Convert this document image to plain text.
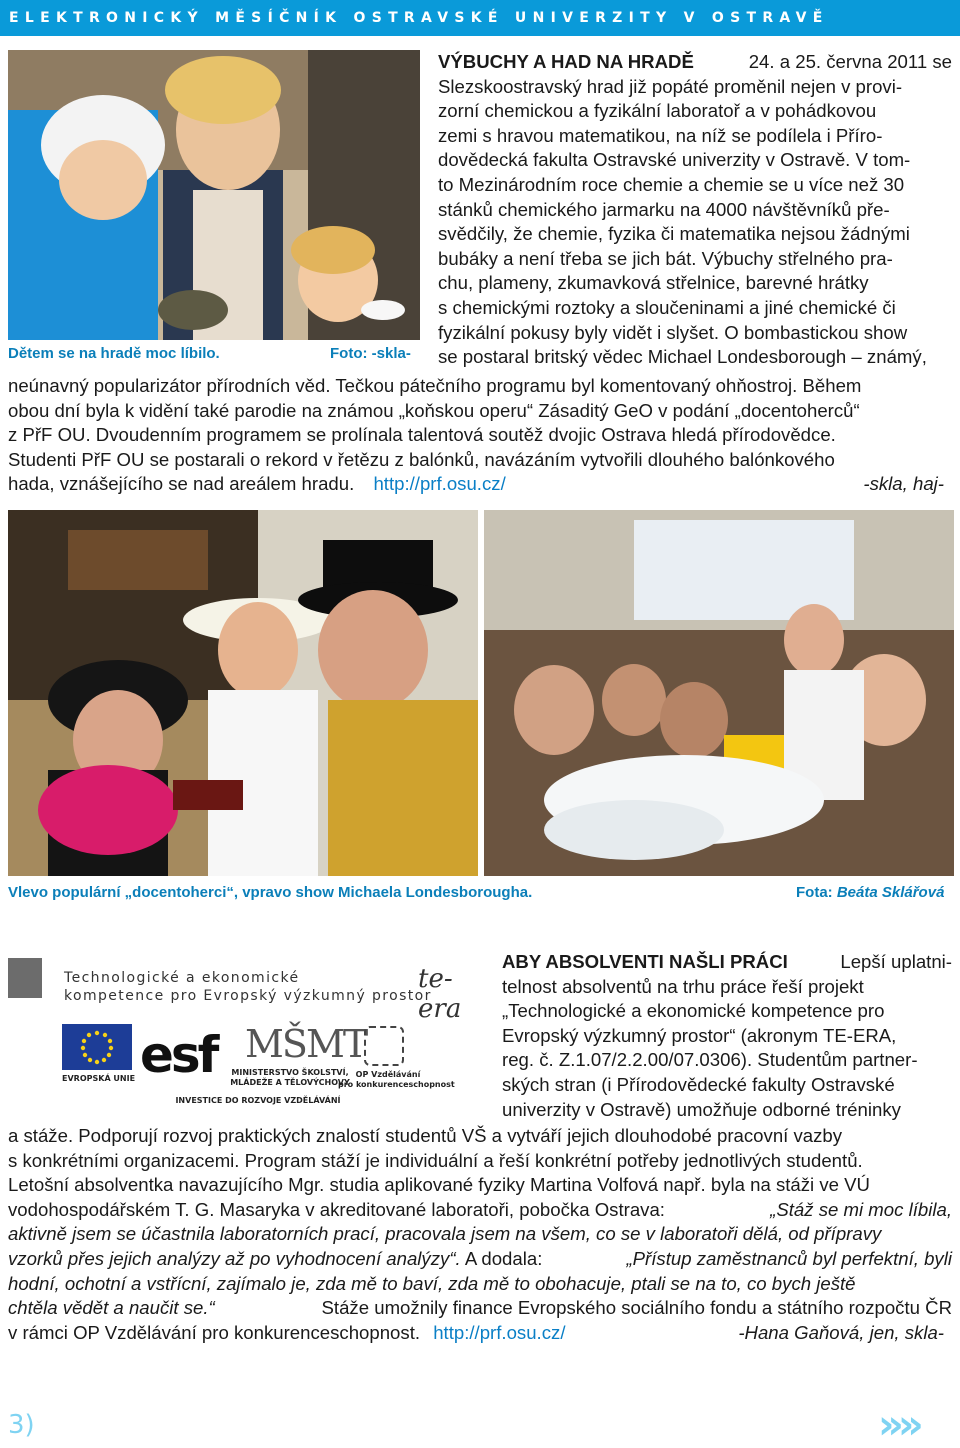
ELEKTRONICKÝ MĚSÍČNÍK OSTRAVSKÉ UNIVERZITY V OSTRAVĚ
VÝBUCHY A HAD NA HRADĚ	24. a 25. června 2011 se
Slezskoostravský hrad již popáté proměnil nejen v provi-
zorní chemickou a fyzikální laboratoř a v pohádkovou
zemi s hravou matematikou, na níž se podílela i Příro-
dovědecká fakulta Ostravské univerzity v Ostravě. V tom-
to Mezinárodním roce chemie a chemie se u více než 30
stánků chemického jarmarku na 4000 návštěvníků pře-
svědčily, že chemie, fyzika či matematika nejsou žádnými
bubáky a není třeba se jich bát. Výbuchy střelného pra-
chu, plameny, zkumavková střelnice, barevné hrátky
s chemickými roztoky a sloučeninami a jiné chemické či
fyzikální pokusy byly vidět i slyšet. O bombastickou show
se postaral britský vědec Michael Londesborough – známý,
Dětem se na hradě moc líbilo.	Foto: -skla-
neúnavný popularizátor přírodních věd. Tečkou pátečního programu byl komentovaný ohňostroj. Během
obou dní byla k vidění také parodie na známou „koňskou operu“ Zásaditý GeO v podání „docentoherců“
z PřF OU. Dvoudenním programem se prolínala talentová soutěž dvojic Ostrava hledá přírodovědce.
Studenti PřF OU se postarali o rekord v řetězu z balónků, navázáním vytvořili dlouhého balónkového
hada, vznášejícího se nad areálem hradu. http://prf.osu.cz/	-skla, haj-
Vlevo populární „docentoherci“, vpravo show Michaela Londesborougha.	Fota: Beáta Sklářová
Technologické a ekonomické
kompetence pro Evropský výzkumný prostor
te-era
EVROPSKÁ UNIE esf MŠMT
MINISTERSTVO ŠKOLSTVÍ,
MLÁDEŽE A TĚLOVÝCHOVY
OP Vzdělávání
pro konkurenceschopnost
INVESTICE DO ROZVOJE VZDĚLÁVÁNÍ
ABY ABSOLVENTI NAŠLI PRÁCI	Lepší uplatni-
telnost absolventů na trhu práce řeší projekt
„Technologické a ekonomické kompetence pro
Evropský výzkumný prostor“ (akronym TE-ERA,
reg. č. Z.1.07/2.2.00/07.0306). Studentům partner-
ských stran (i Přírodovědecké fakulty Ostravské
univerzity v Ostravě) umožňuje odborné tréninky
a stáže. Podporují rozvoj praktických znalostí studentů VŠ a vytváří jejich dlouhodobé pracovní vazby
s konkrétními organizacemi. Program stáží je individuální a řeší konkrétní potřeby jednotlivých studentů.
Letošní absolventka navazujícího Mgr. studia aplikované fyziky Martina Volfová např. byla na stáži ve VÚ
vodohospodářském T. G. Masaryka v akreditované laboratoři, pobočka Ostrava:	„Stáž se mi moc líbila,
aktivně jsem se účastnila laboratorních prací, pracovala jsem na všem, co se v laboratoři dělá, od přípravy
vzorků přes jejich analýzy až po vyhodnocení analýzy“. A dodala:	„Přístup zaměstnanců byl perfektní, byli
hodní, ochotní a vstřícní, zajímalo je, zda mě to baví, zda mě to obohacuje, ptali se na to, co bych ještě
chtěla vědět a naučit se.“	Stáže umožnily finance Evropského sociálního fondu a státního rozpočtu ČR
v rámci OP Vzdělávání pro konkurenceschopnost. http://prf.osu.cz/	-Hana Gaňová, jen, skla-
3)	»»
